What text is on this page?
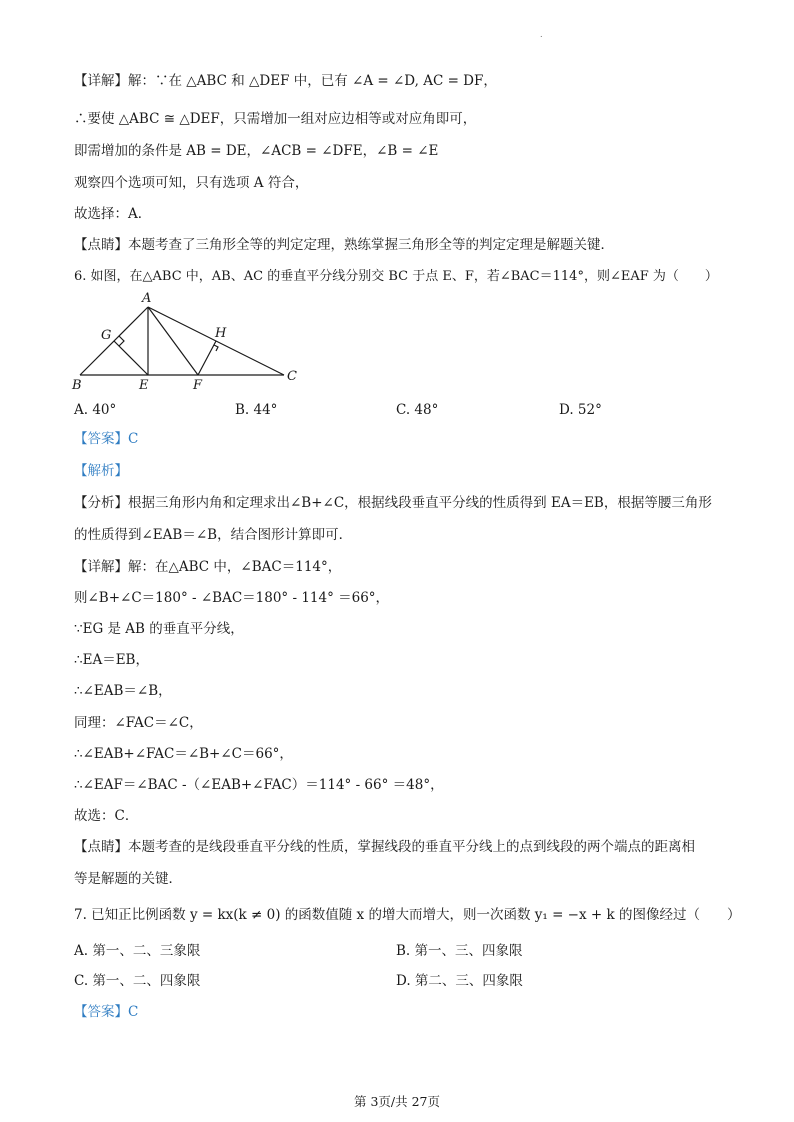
.
【详解】解：∵在 △ABC 和 △DEF 中，已有 ∠A = ∠D, AC = DF，
∴要使 △ABC ≅ △DEF，只需增加一组对应边相等或对应角即可，
即需增加的条件是 AB = DE，∠ACB = ∠DFE，∠B = ∠E
观察四个选项可知，只有选项 A 符合，
故选择：A．
【点睛】本题考查了三角形全等的判定定理，熟练掌握三角形全等的判定定理是解题关键．
6. 如图，在△ABC 中，AB、AC 的垂直平分线分别交 BC 于点 E、F，若∠BAC＝114°，则∠EAF 为（　　）
A
B
C
E	F
G	H
A. 40°	B. 44°	C. 48°	D. 52°
【答案】C
【解析】
【分析】根据三角形内角和定理求出∠B+∠C，根据线段垂直平分线的性质得到 EA＝EB，根据等腰三角形
的性质得到∠EAB＝∠B，结合图形计算即可．
【详解】解：在△ABC 中，∠BAC＝114°，
则∠B+∠C＝180° - ∠BAC＝180° - 114° ＝66°，
∵EG 是 AB 的垂直平分线，
∴EA＝EB，
∴∠EAB＝∠B，
同理：∠FAC＝∠C，
∴∠EAB+∠FAC＝∠B+∠C＝66°，
∴∠EAF＝∠BAC -（∠EAB+∠FAC）＝114° - 66° ＝48°，
故选：C．
【点睛】本题考查的是线段垂直平分线的性质，掌握线段的垂直平分线上的点到线段的两个端点的距离相
等是解题的关键．
7. 已知正比例函数 y = kx(k ≠ 0) 的函数值随 x 的增大而增大，则一次函数 y₁ = −x + k 的图像经过（　　）
A. 第一、二、三象限	B. 第一、三、四象限
C. 第一、二、四象限	D. 第二、三、四象限
【答案】C
第 3页/共 27页
